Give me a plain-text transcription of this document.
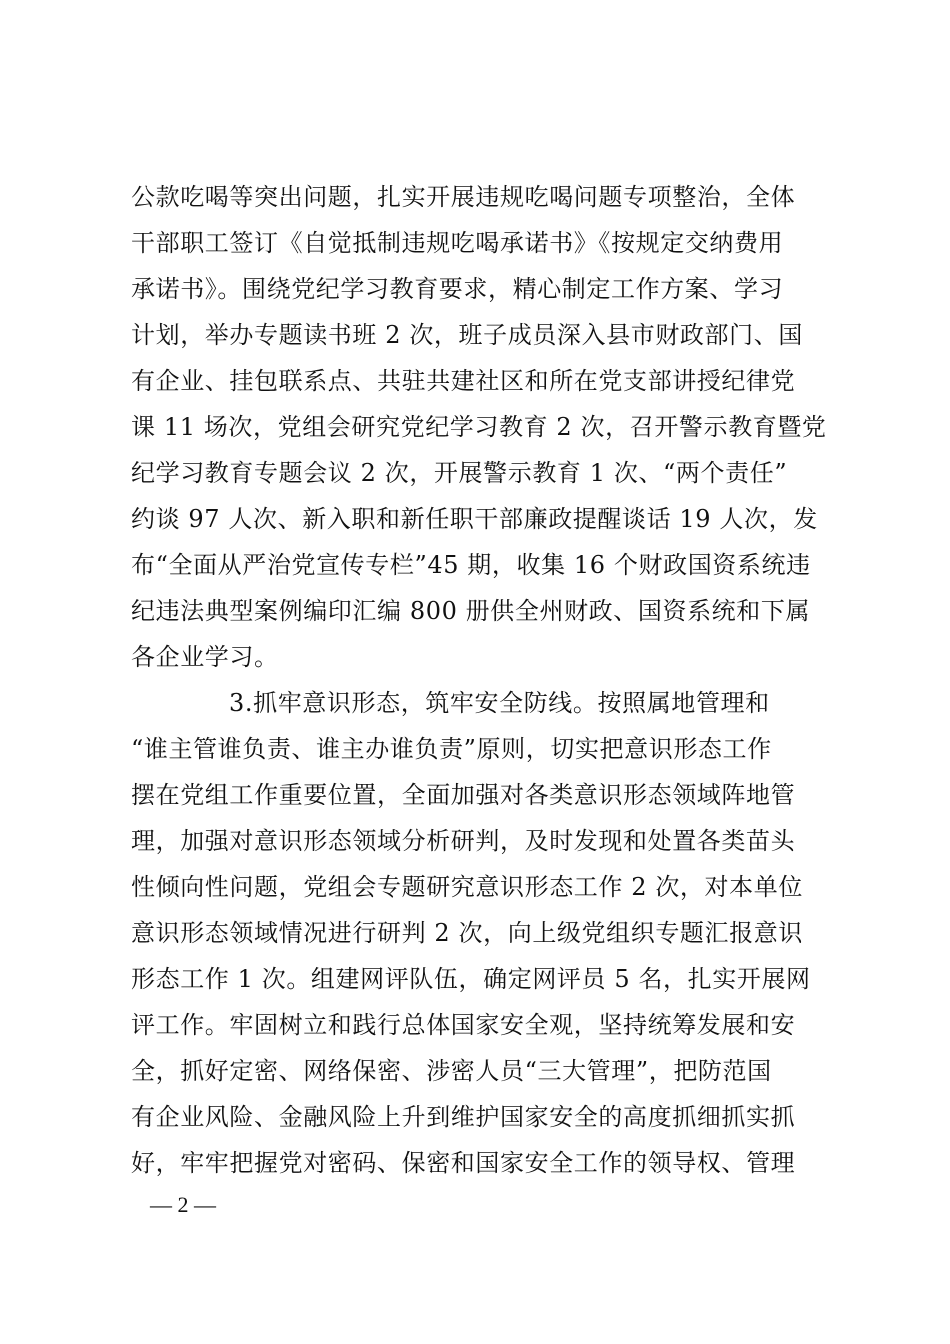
公款吃喝等突出问题，扎实开展违规吃喝问题专项整治，全体
干部职工签订《自觉抵制违规吃喝承诺书》《按规定交纳费用
承诺书》。围绕党纪学习教育要求，精心制定工作方案、学习
计划，举办专题读书班 2 次，班子成员深入县市财政部门、国
有企业、挂包联系点、共驻共建社区和所在党支部讲授纪律党
课 11 场次，党组会研究党纪学习教育 2 次，召开警示教育暨党
纪学习教育专题会议 2 次，开展警示教育 1 次、“两个责任”
约谈 97 人次、新入职和新任职干部廉政提醒谈话 19 人次，发
布“全面从严治党宣传专栏”45 期，收集 16 个财政国资系统违
纪违法典型案例编印汇编 800 册供全州财政、国资系统和下属
各企业学习。
3.抓牢意识形态，筑牢安全防线。按照属地管理和
“谁主管谁负责、谁主办谁负责”原则，切实把意识形态工作
摆在党组工作重要位置，全面加强对各类意识形态领域阵地管
理，加强对意识形态领域分析研判，及时发现和处置各类苗头
性倾向性问题，党组会专题研究意识形态工作 2 次，对本单位
意识形态领域情况进行研判 2 次，向上级党组织专题汇报意识
形态工作 1 次。组建网评队伍，确定网评员 5 名，扎实开展网
评工作。牢固树立和践行总体国家安全观，坚持统筹发展和安
全，抓好定密、网络保密、涉密人员“三大管理”，把防范国
有企业风险、金融风险上升到维护国家安全的高度抓细抓实抓
好，牢牢把握党对密码、保密和国家安全工作的领导权、管理
— 2 —
